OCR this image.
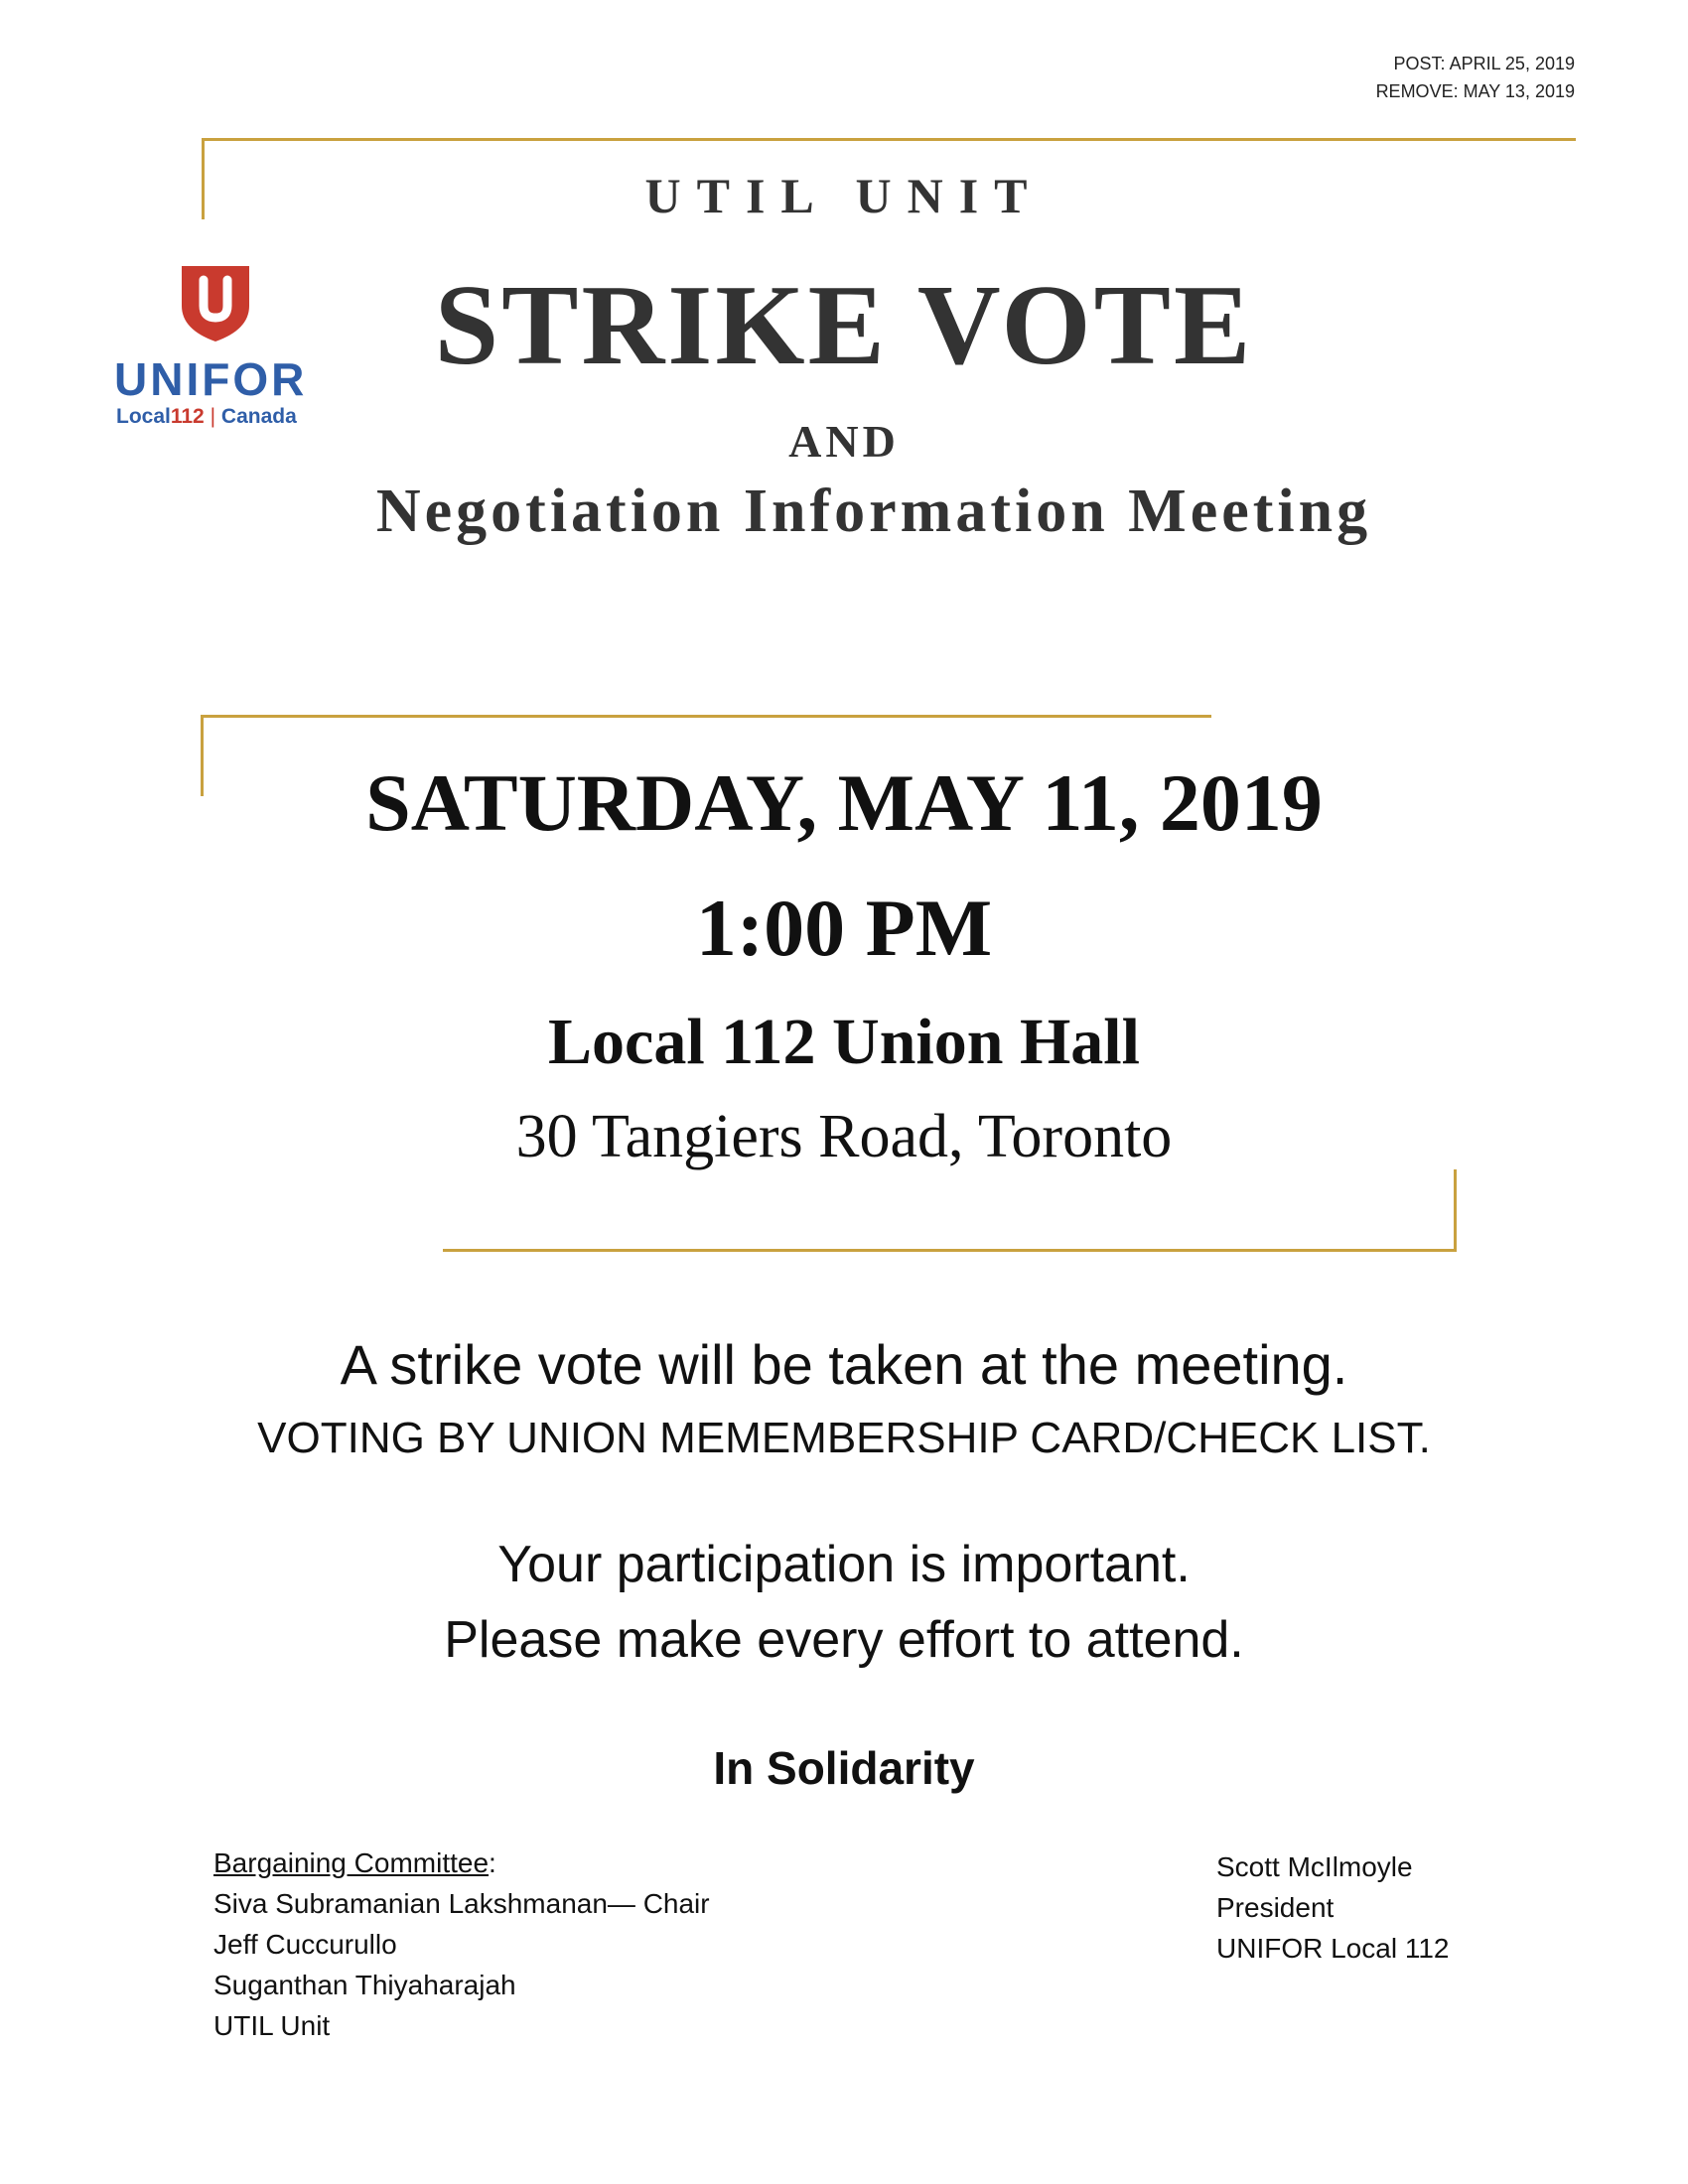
POST: APRIL 25, 2019
REMOVE: MAY 13, 2019
UNIFOR
Local112 | Canada
UTIL UNIT
STRIKE VOTE
AND
Negotiation Information Meeting
SATURDAY, MAY 11, 2019
1:00 PM
Local 112 Union Hall
30 Tangiers Road, Toronto
A strike vote will be taken at the meeting.
VOTING BY UNION MEMEMBERSHIP CARD/CHECK LIST.
Your participation is important.
Please make every effort to attend.
In Solidarity
Bargaining Committee:
Siva Subramanian Lakshmanan— Chair
Jeff Cuccurullo
Suganthan Thiyaharajah
UTIL Unit
Scott McIlmoyle
President
UNIFOR Local 112
